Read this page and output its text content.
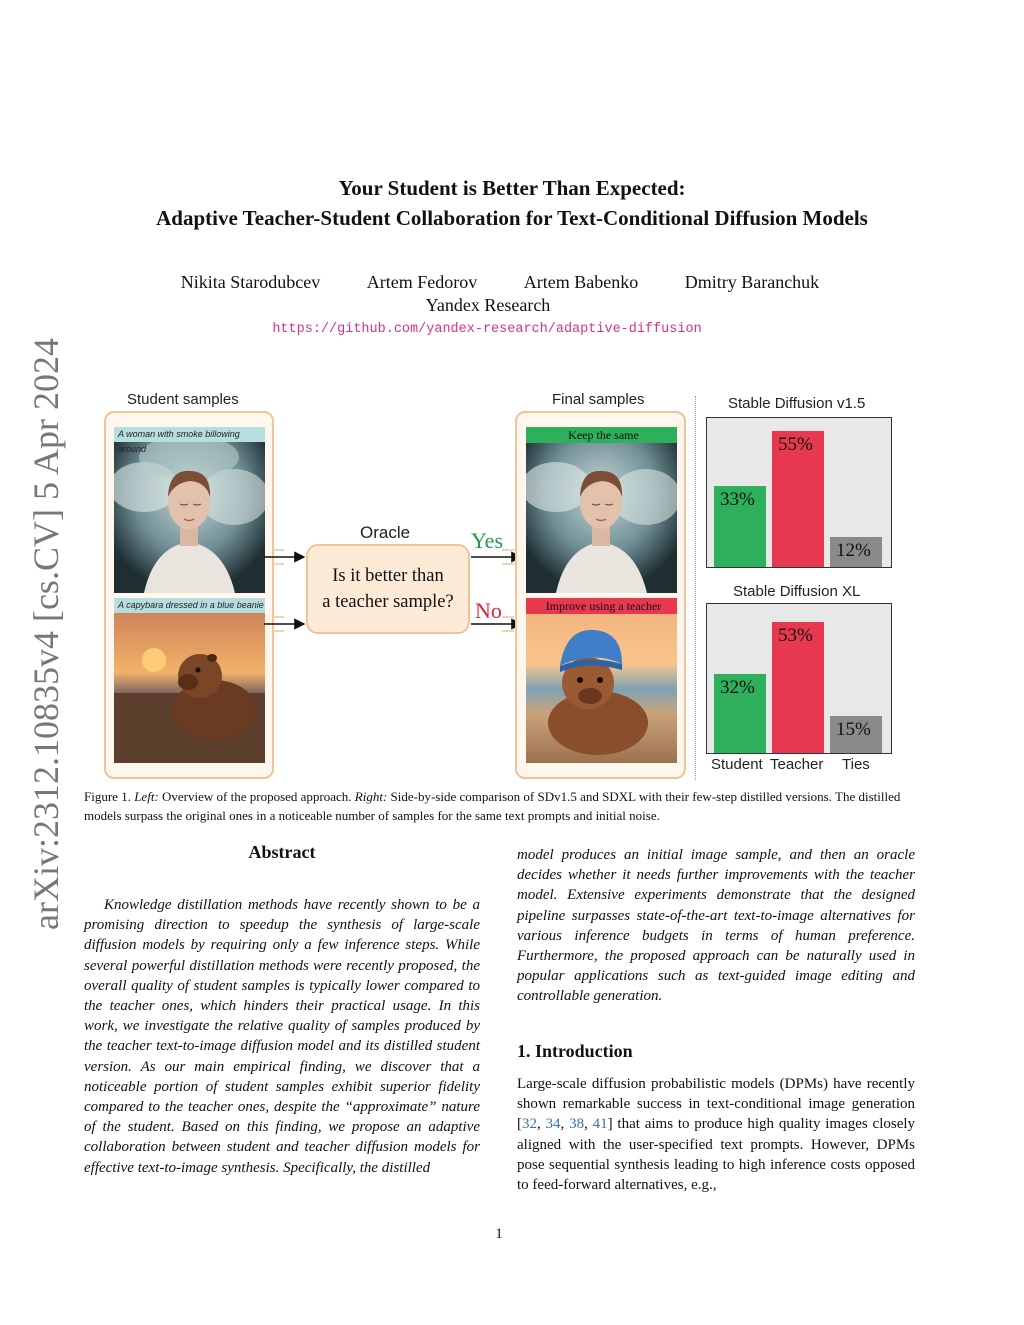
arXiv:2312.10835v4 [cs.CV] 5 Apr 2024
Your Student is Better Than Expected:
Adaptive Teacher-Student Collaboration for Text-Conditional Diffusion Models
Nikita Starodubcev	Artem Fedorov	Artem Babenko	Dmitry Baranchuk
Yandex Research
https://github.com/yandex-research/adaptive-diffusion
Student samples	Final samples
A woman with smoke billowing around
A capybara dressed in a blue beanie
Oracle
Is it better than
a teacher sample?
Yes
No
Keep the same
Improve using a teacher
Stable Diffusion v1.5
Stable Diffusion XL
33%
55%
12%
32%
53%
15%
Student Teacher Ties
Figure 1. Left: Overview of the proposed approach. Right: Side-by-side comparison of SDv1.5 and SDXL with their few-step distilled versions. The distilled models surpass the original ones in a noticeable number of samples for the same text prompts and initial noise.
Abstract
Knowledge distillation methods have recently shown to be a promising direction to speedup the synthesis of large-scale diffusion models by requiring only a few inference steps. While several powerful distillation methods were recently proposed, the overall quality of student samples is typically lower compared to the teacher ones, which hinders their practical usage. In this work, we investigate the relative quality of samples produced by the teacher text-to-image diffusion model and its distilled student version. As our main empirical finding, we discover that a noticeable portion of student samples exhibit superior fidelity compared to the teacher ones, despite the “approximate” nature of the student. Based on this finding, we propose an adaptive collaboration between student and teacher diffusion models for effective text-to-image synthesis. Specifically, the distilled
model produces an initial image sample, and then an oracle decides whether it needs further improvements with the teacher model. Extensive experiments demonstrate that the designed pipeline surpasses state-of-the-art text-to-image alternatives for various inference budgets in terms of human preference. Furthermore, the proposed approach can be naturally used in popular applications such as text-guided image editing and controllable generation.
1. Introduction
Large-scale diffusion probabilistic models (DPMs) have recently shown remarkable success in text-conditional image generation [32, 34, 38, 41] that aims to produce high quality images closely aligned with the user-specified text prompts. However, DPMs pose sequential synthesis leading to high inference costs opposed to feed-forward alternatives, e.g.,
1
